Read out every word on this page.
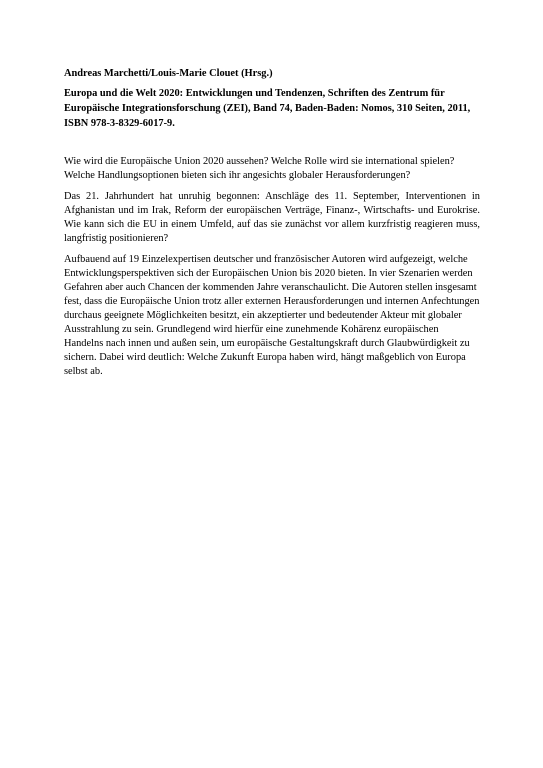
Andreas Marchetti/Louis-Marie Clouet (Hrsg.)

Europa und die Welt 2020: Entwicklungen und Tendenzen, Schriften des Zentrum für Europäische Integrationsforschung (ZEI), Band 74, Baden-Baden: Nomos, 310 Seiten, 2011, ISBN 978-3-8329-6017-9.

Wie wird die Europäische Union 2020 aussehen? Welche Rolle wird sie international spielen? Welche Handlungsoptionen bieten sich ihr angesichts globaler Herausforderungen?

Das 21. Jahrhundert hat unruhig begonnen: Anschläge des 11. September, Interventionen in Afghanistan und im Irak, Reform der europäischen Verträge, Finanz-, Wirtschafts- und Eurokrise. Wie kann sich die EU in einem Umfeld, auf das sie zunächst vor allem kurzfristig reagieren muss, langfristig positionieren?

Aufbauend auf 19 Einzelexpertisen deutscher und französischer Autoren wird aufgezeigt, welche Entwicklungsperspektiven sich der Europäischen Union bis 2020 bieten. In vier Szenarien werden Gefahren aber auch Chancen der kommenden Jahre veranschaulicht. Die Autoren stellen insgesamt fest, dass die Europäische Union trotz aller externen Herausforderungen und internen Anfechtungen durchaus geeignete Möglichkeiten besitzt, ein akzeptierter und bedeutender Akteur mit globaler Ausstrahlung zu sein. Grundlegend wird hierfür eine zunehmende Kohärenz europäischen Handelns nach innen und außen sein, um europäische Gestaltungskraft durch Glaubwürdigkeit zu sichern. Dabei wird deutlich: Welche Zukunft Europa haben wird, hängt maßgeblich von Europa selbst ab.
